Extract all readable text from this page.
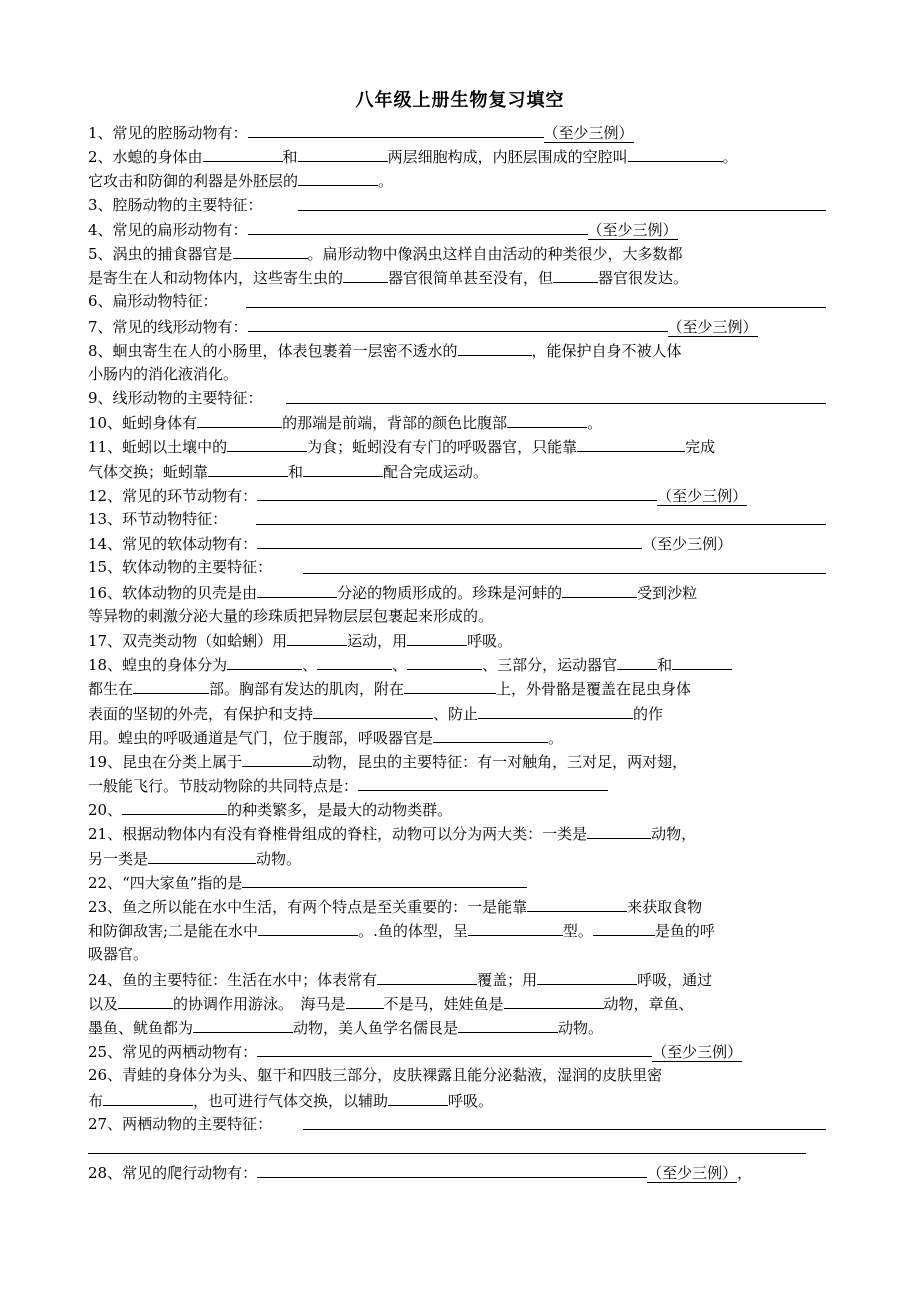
八年级上册生物复习填空
1、常见的腔肠动物有：	（至少三例）
2、水螅的身体由	和	两层细胞构成，内胚层围成的空腔叫	。
它攻击和防御的利器是外胚层的	。
3、腔肠动物的主要特征：
4、常见的扁形动物有：	（至少三例）
5、涡虫的捕食器官是	。扁形动物中像涡虫这样自由活动的种类很少，大多数都
是寄生在人和动物体内，这些寄生虫的	器官很简单甚至没有，但	器官很发达。
6、扁形动物特征：
7、常见的线形动物有：	（至少三例）
8、蛔虫寄生在人的小肠里，体表包裹着一层密不透水的	，能保护自身不被人体
小肠内的消化液消化。
9、线形动物的主要特征：
10、蚯蚓身体有	的那端是前端，背部的颜色比腹部	。
11、蚯蚓以土壤中的	为食；蚯蚓没有专门的呼吸器官，只能靠	完成
气体交换；蚯蚓靠	和	配合完成运动。
12、常见的环节动物有：	（至少三例）
13、环节动物特征：
14、常见的软体动物有：	（至少三例）
15、软体动物的主要特征：
16、软体动物的贝壳是由	分泌的物质形成的。珍珠是河蚌的	受到沙粒
等异物的刺激分泌大量的珍珠质把异物层层包裹起来形成的。
17、双壳类动物（如蛤蜊）用	运动，用	呼吸。
18、蝗虫的身体分为	、	、	、三部分，运动器官	和
都生在	部。胸部有发达的肌肉，附在	上，外骨骼是覆盖在昆虫身体
表面的坚韧的外壳，有保护和支持	、防止	的作
用。蝗虫的呼吸通道是气门，位于腹部，呼吸器官是	。
19、昆虫在分类上属于	动物，昆虫的主要特征：有一对触角，三对足，两对翅，
一般能飞行。节肢动物除的共同特点是：
20、	的种类繁多，是最大的动物类群。
21、根据动物体内有没有脊椎骨组成的脊柱，动物可以分为两大类：一类是	动物，
另一类是	动物。
22、“四大家鱼”指的是
23、鱼之所以能在水中生活，有两个特点是至关重要的：一是能靠	来获取食物
和防御敌害;二是能在水中	。.鱼的体型，呈	型。	是鱼的呼
吸器官。
24、鱼的主要特征：生活在水中；体表常有	覆盖；用	呼吸，通过
以及	的协调作用游泳。　海马是	不是马，娃娃鱼是	动物，章鱼、
墨鱼、鱿鱼都为	动物，美人鱼学名儒艮是	动物。
25、常见的两栖动物有：	（至少三例）
26、青蛙的身体分为头、躯干和四肢三部分，皮肤裸露且能分泌黏液，湿润的皮肤里密
布	，也可进行气体交换，以辅助	呼吸。
27、两栖动物的主要特征：
28、常见的爬行动物有：	（至少三例），
